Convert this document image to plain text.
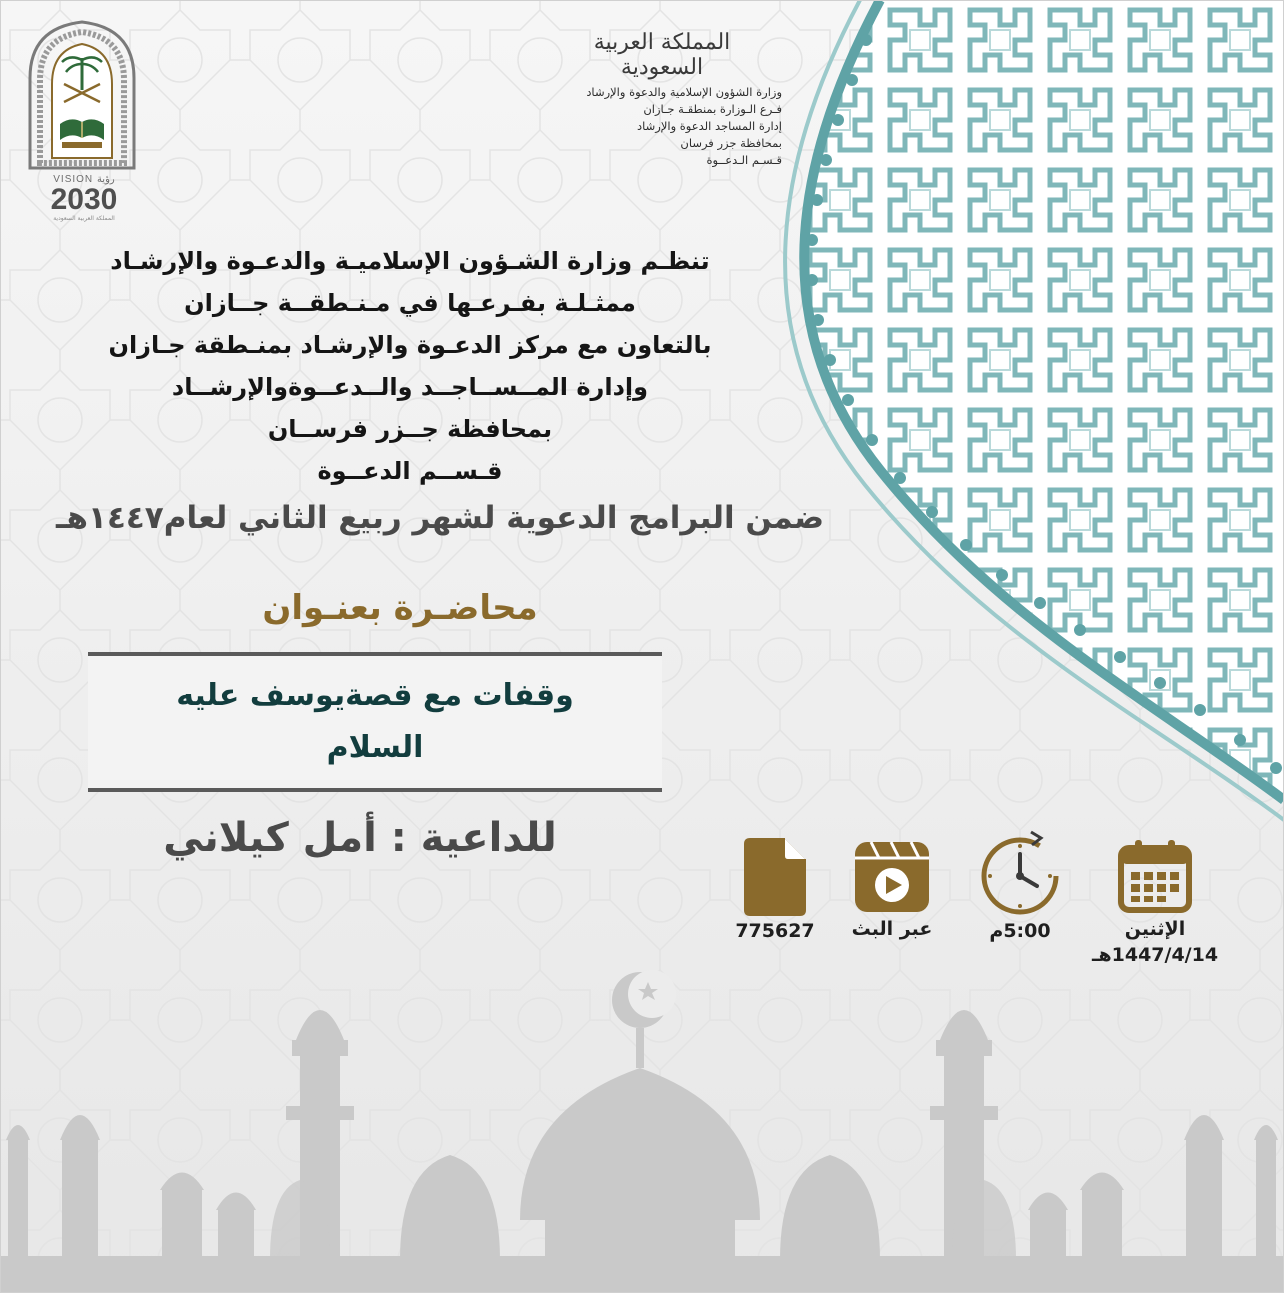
VISION رؤية
2030
المملكة العربية السعودية
المملكة العربية السعودية
وزارة الشؤون الإسلامية والدعوة والإرشاد
فـرع الـوزارة بمنطقـة جـازان
إدارة المساجد الدعوة والإرشاد
بمحافظة جزر فرسان
قـسـم الـدعــوة
تنظـم وزارة الشـؤون الإسلاميـة والدعـوة والإرشـاد
ممثـلـة بفـرعـها في مـنـطقــة جــازان
بالتعاون مع مركز الدعـوة والإرشـاد بمنـطقة جـازان
وإدارة المــســاجــد والــدعــوةوالإرشــاد
بمحافظة جــزر فرســان
قـســم الدعــوة
ضمن البرامج الدعوية لشهر ربيع الثاني لعام١٤٤٧هـ
محاضـرة بعنـوان
وقفات مع قصةيوسف عليه
السلام
للداعية : أمل كيلاني
الإثنين
1447/4/14هـ
5:00م
عبر البث
775627
